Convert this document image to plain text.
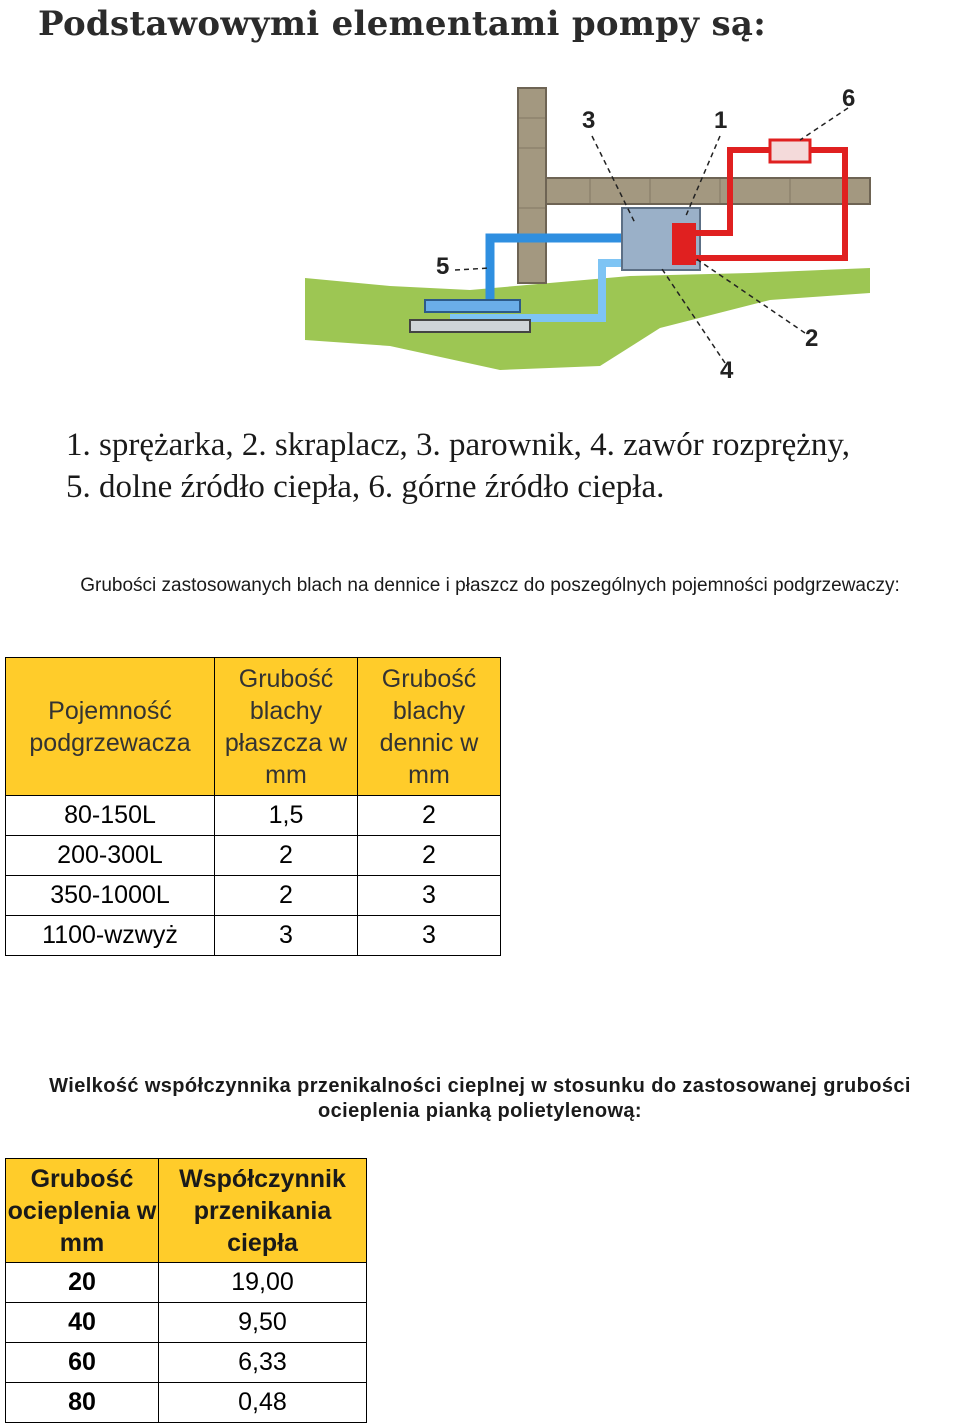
Podstawowymi elementami pompy są:
3	1
6
5
2
4
1. sprężarka, 2. skraplacz, 3. parownik, 4. zawór rozprężny,
5. dolne źródło ciepła, 6. górne źródło ciepła.
Grubości zastosowanych blach na dennice i płaszcz do poszególnych pojemności podgrzewaczy:
Pojemność podgrzewacza	Grubość blachy płaszcza w mm	Grubość blachy dennic w mm
80-150L	1,5	2
200-300L	2	2
350-1000L	2	3
1100-wzwyż	3	3
Wielkość współczynnika przenikalności cieplnej w stosunku do zastosowanej grubości ocieplenia pianką polietylenową:
Grubość ocieplenia w mm	Współczynnik przenikania ciepła
20	19,00
40	9,50
60	6,33
80	0,48
